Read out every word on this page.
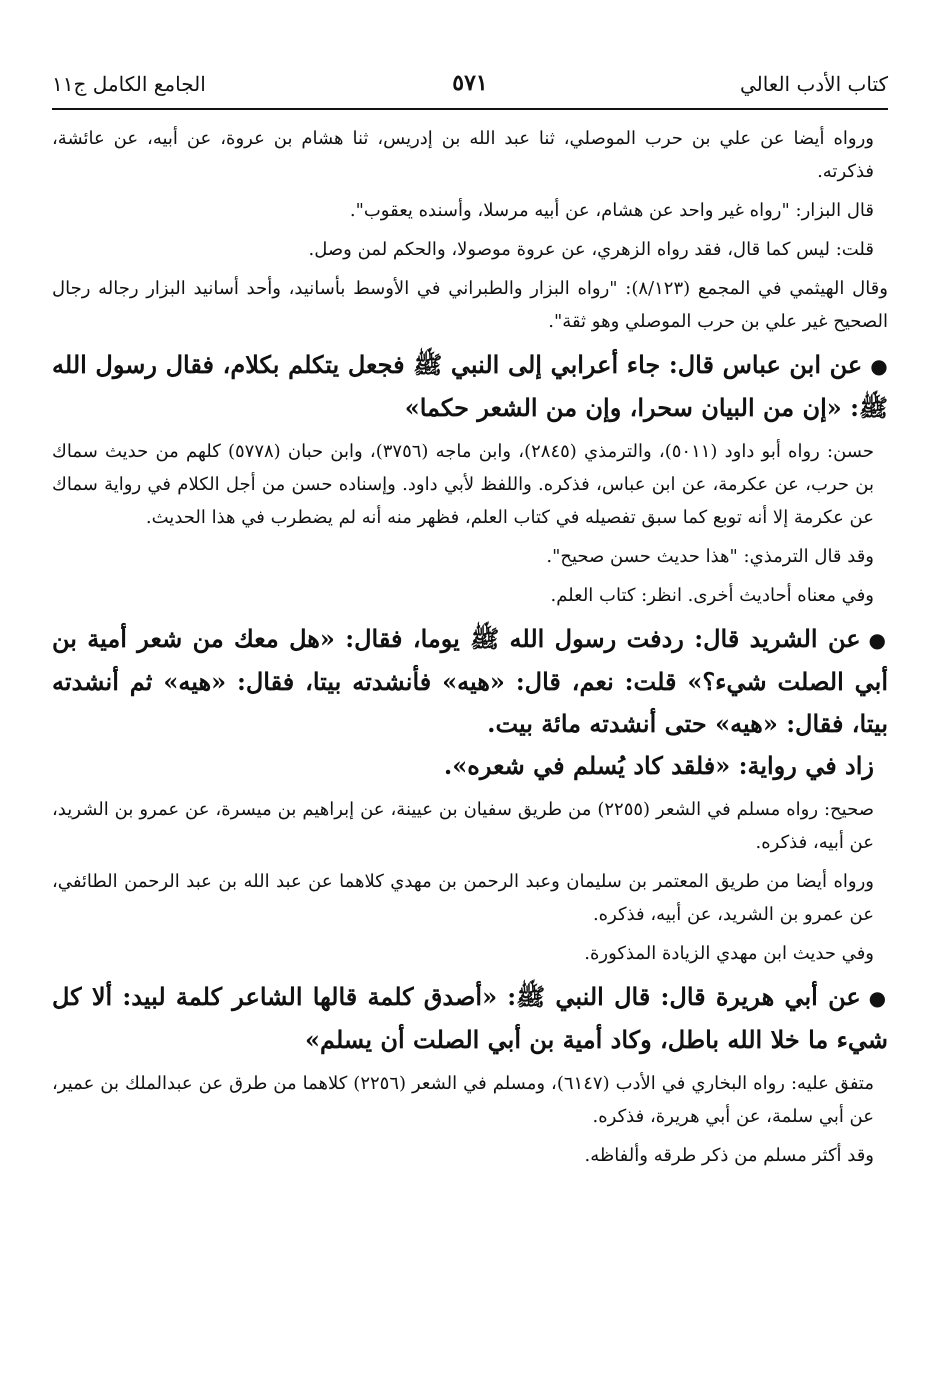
كتاب الأدب العالي
٥٧١
الجامع الكامل ج١١

ورواه أيضا عن علي بن حرب الموصلي، ثنا عبد الله بن إدريس، ثنا هشام بن عروة، عن أبيه، عن عائشة، فذكرته.

قال البزار: "رواه غير واحد عن هشام، عن أبيه مرسلا، وأسنده يعقوب".

قلت: ليس كما قال، فقد رواه الزهري، عن عروة موصولا، والحكم لمن وصل.

وقال الهيثمي في المجمع (٨/١٢٣): "رواه البزار والطبراني في الأوسط بأسانيد، وأحد أسانيد البزار رجاله رجال الصحيح غير علي بن حرب الموصلي وهو ثقة".

●عن ابن عباس قال: جاء أعرابي إلى النبي ﷺ فجعل يتكلم بكلام، فقال رسول الله ﷺ: «إن من البيان سحرا، وإن من الشعر حكما»

حسن: رواه أبو داود (٥٠١١)، والترمذي (٢٨٤٥)، وابن ماجه (٣٧٥٦)، وابن حبان (٥٧٧٨) كلهم من حديث سماك بن حرب، عن عكرمة، عن ابن عباس، فذكره. واللفظ لأبي داود. وإسناده حسن من أجل الكلام في رواية سماك عن عكرمة إلا أنه توبع كما سبق تفصيله في كتاب العلم، فظهر منه أنه لم يضطرب في هذا الحديث.

وقد قال الترمذي: "هذا حديث حسن صحيح".

وفي معناه أحاديث أخرى. انظر: كتاب العلم.

●عن الشريد قال: ردفت رسول الله ﷺ يوما، فقال: «هل معك من شعر أمية بن أبي الصلت شيء؟» قلت: نعم، قال: «هيه» فأنشدته بيتا، فقال: «هيه» ثم أنشدته بيتا، فقال: «هيه» حتى أنشدته مائة بيت.

زاد في رواية: «فلقد كاد يُسلم في شعره».

صحيح: رواه مسلم في الشعر (٢٢٥٥) من طريق سفيان بن عيينة، عن إبراهيم بن ميسرة، عن عمرو بن الشريد، عن أبيه، فذكره.

ورواه أيضا من طريق المعتمر بن سليمان وعبد الرحمن بن مهدي كلاهما عن عبد الله بن عبد الرحمن الطائفي، عن عمرو بن الشريد، عن أبيه، فذكره.

وفي حديث ابن مهدي الزيادة المذكورة.

●عن أبي هريرة قال: قال النبي ﷺ: «أصدق كلمة قالها الشاعر كلمة لبيد: ألا كل شيء ما خلا الله باطل، وكاد أمية بن أبي الصلت أن يسلم»

متفق عليه: رواه البخاري في الأدب (٦١٤٧)، ومسلم في الشعر (٢٢٥٦) كلاهما من طرق عن عبدالملك بن عمير، عن أبي سلمة، عن أبي هريرة، فذكره.

وقد أكثر مسلم من ذكر طرقه وألفاظه.
